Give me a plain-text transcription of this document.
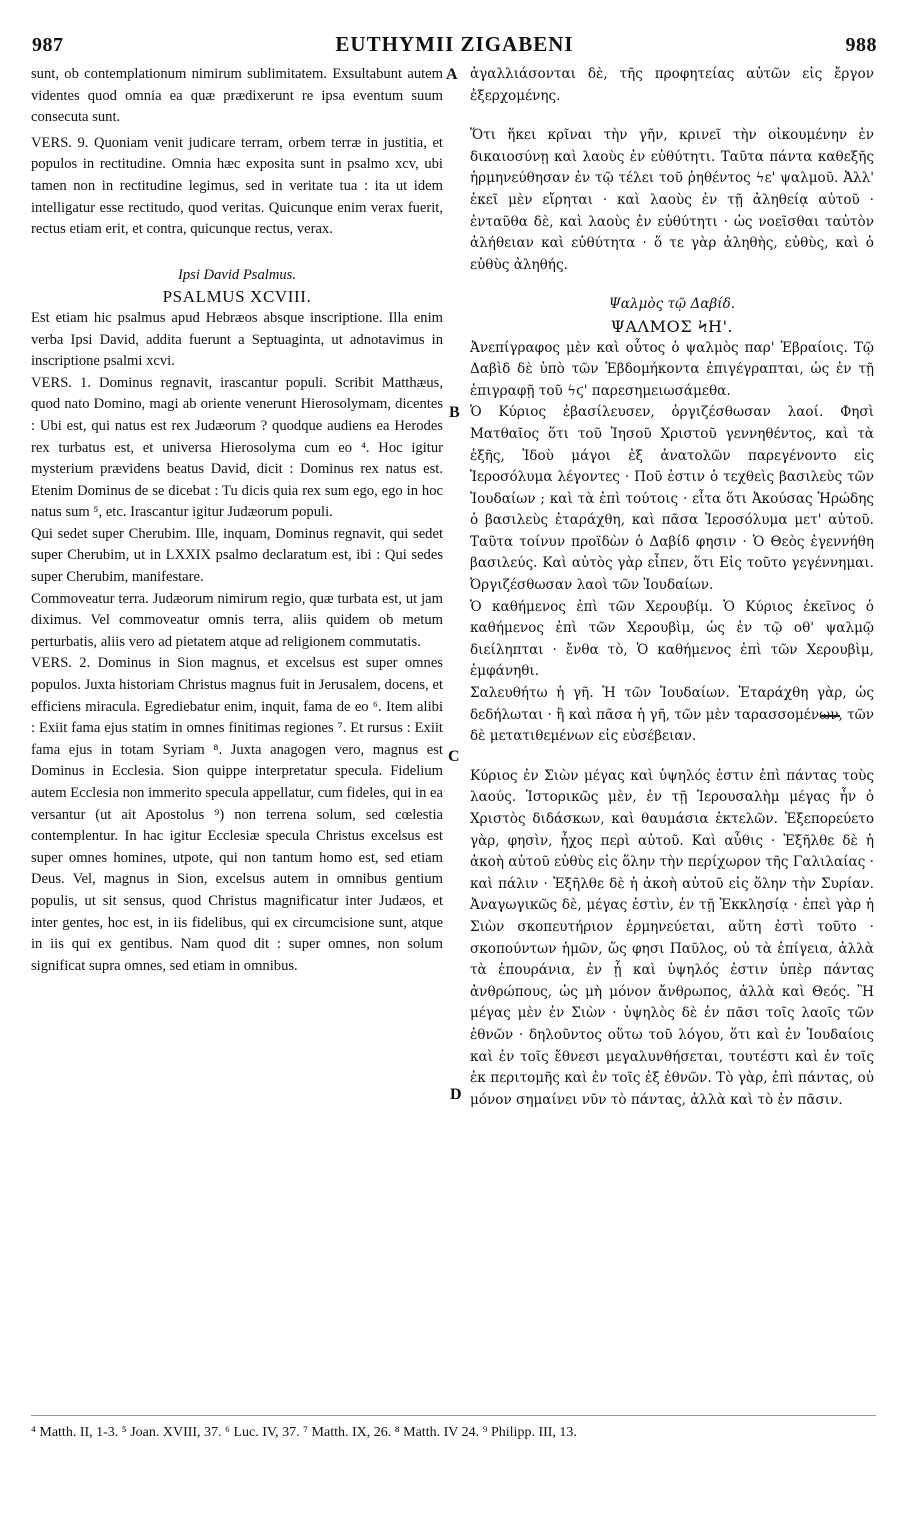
987	EUTHYMII ZIGABENI	988

sunt, ob contemplationum nimirum sublimitatem. Exsultabunt autem videntes quod omnia ea quæ prædixerunt re ipsa eventum suum consecuta sunt.

VERS. 9. Quoniam venit judicare terram, orbem terræ in justitia, et populos in rectitudine. Omnia hæc exposita sunt in psalmo xcv, ubi tamen non in rectitudine legimus, sed in veritate tua : ita ut idem intelligatur esse rectitudo, quod veritas. Quicunque enim verax fuerit, rectus etiam erit, et contra, quicunque rectus, verax.

Ipsi David Psalmus.

PSALMUS XCVIII.

Est etiam hic psalmus apud Hebræos absque inscriptione. Illa enim verba Ipsi David, addita fuerunt a Septuaginta, ut adnotavimus in inscriptione psalmi xcvi.

VERS. 1. Dominus regnavit, irascantur populi. Scribit Matthæus, quod nato Domino, magi ab oriente venerunt Hierosolymam, dicentes : Ubi est, qui natus est rex Judæorum ? quodque audiens ea Herodes rex turbatus est, et universa Hierosolyma cum eo ⁴. Hoc igitur mysterium prævidens beatus David, dicit : Dominus rex natus est. Etenim Dominus de se dicebat : Tu dicis quia rex sum ego, ego in hoc natus sum ⁵, etc. Irascantur igitur Judæorum populi.

Qui sedet super Cherubim. Ille, inquam, Dominus regnavit, qui sedet super Cherubim, ut in LXXIX psalmo declaratum est, ibi : Qui sedes super Cherubim, manifestare.

Commoveatur terra. Judæorum nimirum regio, quæ turbata est, ut jam diximus. Vel commoveatur omnis terra, aliis quidem ob metum perturbatis, aliis vero ad pietatem atque ad religionem commutatis.

VERS. 2. Dominus in Sion magnus, et excelsus est super omnes populos. Juxta historiam Christus magnus fuit in Jerusalem, docens, et efficiens miracula. Egrediebatur enim, inquit, fama de eo ⁶. Item alibi : Exiit fama ejus statim in omnes finitimas regiones ⁷. Et rursus : Exiit fama ejus in totam Syriam ⁸. Juxta anagogen vero, magnus est Dominus in Ecclesia. Sion quippe interpretatur specula. Fidelium autem Ecclesia non immerito specula appellatur, cum fideles, qui in ea versantur (ut ait Apostolus ⁹) non terrena solum, sed cœlestia contemplentur. In hac igitur Ecclesiæ specula Christus excelsus est super omnes homines, utpote, qui non tantum homo est, sed etiam Deus. Vel, magnus in Sion, excelsus autem in omnibus gentium populis, ut sit sensus, quod Christus magnificatur inter Judæos, et inter gentes, hoc est, in iis fidelibus, qui ex circumcisione sunt, atque in iis qui ex gentibus. Nam quod dit : super omnes, non solum significat supra omnes, sed etiam in omnibus.

ἀγαλλιάσονται δὲ, τῆς προφητείας αὐτῶν εἰς ἔργον ἐξερχομένης.

Ὅτι ἥκει κρῖναι τὴν γῆν, κρινεῖ τὴν οἰκουμένην ἐν δικαιοσύνῃ καὶ λαοὺς ἐν εὐθύτητι. Ταῦτα πάντα καθεξῆς ἡρμηνεύθησαν ἐν τῷ τέλει τοῦ ῥηθέντος ϟε' ψαλμοῦ. Ἀλλ' ἐκεῖ μὲν εἴρηται · καὶ λαοὺς ἐν τῇ ἀληθείᾳ αὐτοῦ · ἐνταῦθα δὲ, καὶ λαοὺς ἐν εὐθύτητι · ὡς νοεῖσθαι ταὐτὸν ἀλήθειαν καὶ εὐθύτητα · ὅ τε γὰρ ἀληθὴς, εὐθὺς, καὶ ὁ εὐθὺς ἀληθής.

Ψαλμὸς τῷ Δαβίδ.

ΨΑΛΜΟΣ ϞΗ'.

Ἀνεπίγραφος μὲν καὶ οὗτος ὁ ψαλμὸς παρ' Ἑβραίοις. Τῷ Δαβὶδ δὲ ὑπὸ τῶν Ἑβδομήκοντα ἐπιγέγραπται, ὡς ἐν τῇ ἐπιγραφῇ τοῦ ϟϛ' παρεσημειωσάμεθα.

Ὁ Κύριος ἐβασίλευσεν, ὀργιζέσθωσαν λαοί. Φησὶ Ματθαῖος ὅτι τοῦ Ἰησοῦ Χριστοῦ γεννηθέντος, καὶ τὰ ἑξῆς, Ἰδοὺ μάγοι ἐξ ἀνατολῶν παρεγένοντο εἰς Ἱεροσόλυμα λέγοντες · Ποῦ ἐστιν ὁ τεχθεὶς βασιλεὺς τῶν Ἰουδαίων ; καὶ τὰ ἐπὶ τούτοις · εἶτα ὅτι Ἀκούσας Ἡρώδης ὁ βασιλεὺς ἐταράχθη, καὶ πᾶσα Ἱεροσόλυμα μετ' αὐτοῦ. Ταῦτα τοίνυν προϊδὼν ὁ Δαβίδ φησιν · Ὁ Θεὸς ἐγεννήθη βασιλεύς. Καὶ αὐτὸς γὰρ εἶπεν, ὅτι Εἰς τοῦτο γεγέννημαι. Ὀργιζέσθωσαν λαοὶ τῶν Ἰουδαίων.

Ὁ καθήμενος ἐπὶ τῶν Χερουβίμ. Ὁ Κύριος ἐκεῖνος ὁ καθήμενος ἐπὶ τῶν Χερουβὶμ, ὡς ἐν τῷ οθ' ψαλμῷ διείληπται · ἔνθα τὸ, Ὁ καθήμενος ἐπὶ τῶν Χερουβὶμ, ἐμφάνηθι.

Σαλευθήτω ἡ γῆ. Ἡ τῶν Ἰουδαίων. Ἐταράχθη γὰρ, ὡς δεδήλωται · ἢ καὶ πᾶσα ἡ γῆ, τῶν μὲν ταρασσομένων, τῶν δὲ μετατιθεμένων εἰς εὐσέβειαν.

Κύριος ἐν Σιὼν μέγας καὶ ὑψηλός ἐστιν ἐπὶ πάντας τοὺς λαούς. Ἱστορικῶς μὲν, ἐν τῇ Ἱερουσαλὴμ μέγας ἦν ὁ Χριστὸς διδάσκων, καὶ θαυμάσια ἐκτελῶν. Ἐξεπορεύετο γὰρ, φησὶν, ἦχος περὶ αὐτοῦ. Καὶ αὖθις · Ἐξῆλθε δὲ ἡ ἀκοὴ αὐτοῦ εὐθὺς εἰς ὅλην τὴν περίχωρον τῆς Γαλιλαίας · καὶ πάλιν · Ἐξῆλθε δὲ ἡ ἀκοὴ αὐτοῦ εἰς ὅλην τὴν Συρίαν. Ἀναγωγικῶς δὲ, μέγας ἐστὶν, ἐν τῇ Ἐκκλησίᾳ · ἐπεὶ γὰρ ἡ Σιὼν σκοπευτήριον ἑρμηνεύεται, αὕτη ἐστὶ τοῦτο · σκοπούντων ἡμῶν, ὥς φησι Παῦλος, οὐ τὰ ἐπίγεια, ἀλλὰ τὰ ἐπουράνια, ἐν ᾗ καὶ ὑψηλός ἐστιν ὑπὲρ πάντας ἀνθρώπους, ὡς μὴ μόνον ἄνθρωπος, ἀλλὰ καὶ Θεός. Ἢ μέγας μὲν ἐν Σιὼν · ὑψηλὸς δὲ ἐν πᾶσι τοῖς λαοῖς τῶν ἐθνῶν · δηλοῦντος οὕτω τοῦ λόγου, ὅτι καὶ ἐν Ἰουδαίοις καὶ ἐν τοῖς ἔθνεσι μεγαλυνθήσεται, τουτέστι καὶ ἐν τοῖς ἐκ περιτομῆς καὶ ἐν τοῖς ἐξ ἐθνῶν. Τὸ γὰρ, ἐπὶ πάντας, οὐ μόνον σημαίνει νῦν τὸ πάντας, ἀλλὰ καὶ τὸ ἐν πᾶσιν.

A
B
C
D
⁴ Matth. II, 1-3. ⁵ Joan. XVIII, 37. ⁶ Luc. IV, 37. ⁷ Matth. IX, 26. ⁸ Matth. IV 24. ⁹ Philipp. III, 13.
